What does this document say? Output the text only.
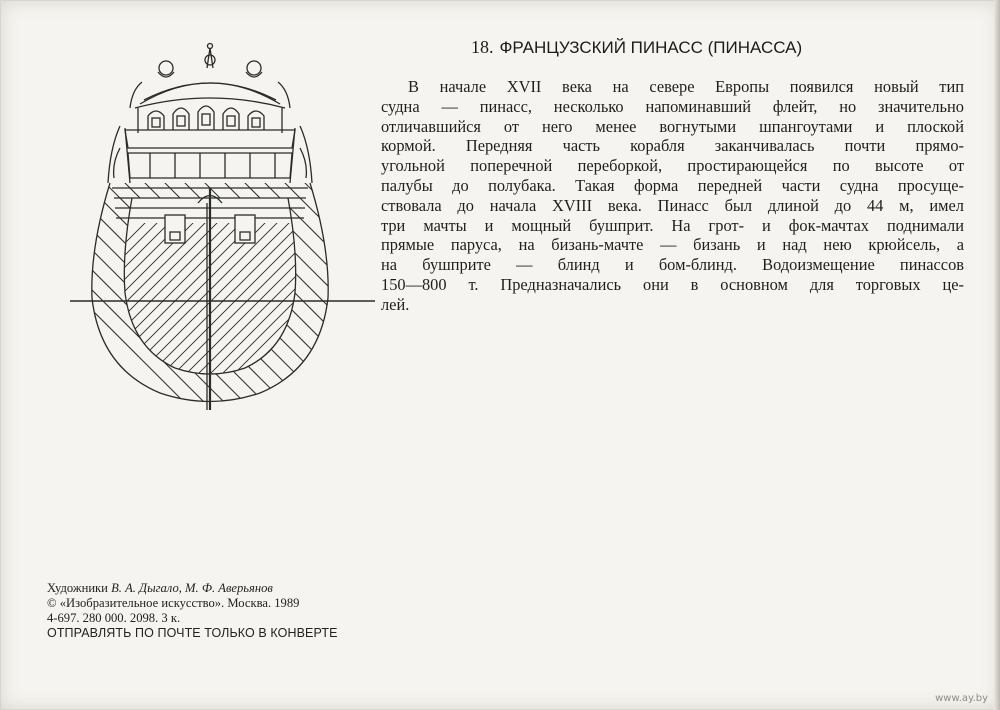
18. ФРАНЦУЗСКИЙ ПИНАСС (ПИНАССА)
В начале XVII века на севере Европы появился новый тип
судна — пинасс, несколько напоминавший флейт, но значительно
отличавшийся от него менее вогнутыми шпангоутами и плоской
кормой. Передняя часть корабля заканчивалась почти прямо-
угольной поперечной переборкой, простирающейся по высоте от
палубы до полубака. Такая форма передней части судна просуще-
ствовала до начала XVIII века. Пинасс был длиной до 44 м, имел
три мачты и мощный бушприт. На грот- и фок-мачтах поднимали
прямые паруса, на бизань-мачте — бизань и над нею крюйсель, а
на бушприте — блинд и бом-блинд. Водоизмещение пинассов
150—800 т. Предназначались они в основном для торговых це-
лей.
Художники В. А. Дыгало, М. Ф. Аверьянов
© «Изобразительное искусство». Москва. 1989
4-697. 280 000. 2098. 3 к.
ОТПРАВЛЯТЬ ПО ПОЧТЕ ТОЛЬКО В КОНВЕРТЕ
www.ay.by
